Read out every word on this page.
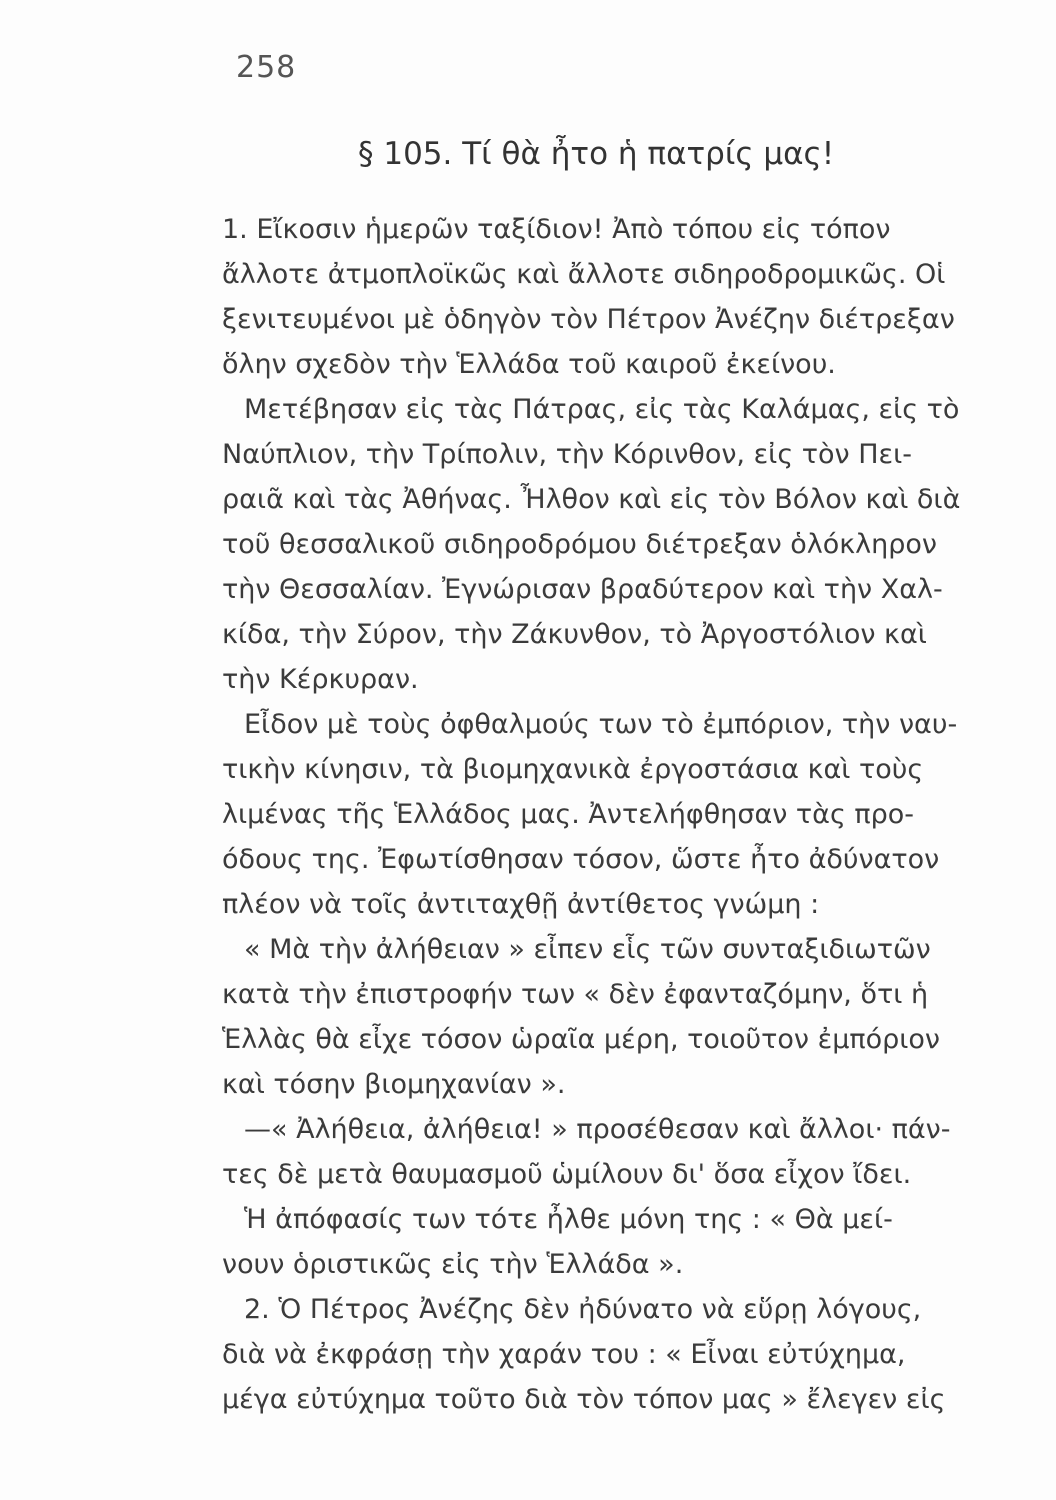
258
§ 105. Τί θὰ ἦτο ἡ πατρίς μας!
1. Εἴκοσιν ἡμερῶν ταξίδιον! Ἀπὸ τόπου εἰς τόπον
ἄλλοτε ἀτμοπλοϊκῶς καὶ ἄλλοτε σιδηροδρομικῶς. Οἱ
ξενιτευμένοι μὲ ὁδηγὸν τὸν Πέτρον Ἀνέζην διέτρεξαν
ὅλην σχεδὸν τὴν Ἑλλάδα τοῦ καιροῦ ἐκείνου.
Μετέβησαν εἰς τὰς Πάτρας, εἰς τὰς Καλάμας, εἰς τὸ
Ναύπλιον, τὴν Τρίπολιν, τὴν Κόρινθον, εἰς τὸν Πει-
ραιᾶ καὶ τὰς Ἀθήνας. Ἦλθον καὶ εἰς τὸν Βόλον καὶ διὰ
τοῦ θεσσαλικοῦ σιδηροδρόμου διέτρεξαν ὁλόκληρον
τὴν Θεσσαλίαν. Ἐγνώρισαν βραδύτερον καὶ τὴν Χαλ-
κίδα, τὴν Σύρον, τὴν Ζάκυνθον, τὸ Ἀργοστόλιον καὶ
τὴν Κέρκυραν.
Εἶδον μὲ τοὺς ὀφθαλμούς των τὸ ἐμπόριον, τὴν ναυ-
τικὴν κίνησιν, τὰ βιομηχανικὰ ἐργοστάσια καὶ τοὺς
λιμένας τῆς Ἑλλάδος μας. Ἀντελήφθησαν τὰς προ-
όδους της. Ἐφωτίσθησαν τόσον, ὥστε ἦτο ἀδύνατον
πλέον νὰ τοῖς ἀντιταχθῇ ἀντίθετος γνώμη :
« Μὰ τὴν ἀλήθειαν » εἶπεν εἷς τῶν συνταξιδιωτῶν
κατὰ τὴν ἐπιστροφήν των « δὲν ἐφανταζόμην, ὅτι ἡ
Ἑλλὰς θὰ εἶχε τόσον ὡραῖα μέρη, τοιοῦτον ἐμπόριον
καὶ τόσην βιομηχανίαν ».
—« Ἀλήθεια, ἀλήθεια! » προσέθεσαν καὶ ἄλλοι· πάν-
τες δὲ μετὰ θαυμασμοῦ ὡμίλουν δι' ὅσα εἶχον ἴδει.
Ἡ ἀπόφασίς των τότε ἦλθε μόνη της : « Θὰ μεί-
νουν ὁριστικῶς εἰς τὴν Ἑλλάδα ».
2. Ὁ Πέτρος Ἀνέζης δὲν ἠδύνατο νὰ εὕρῃ λόγους,
διὰ νὰ ἐκφράσῃ τὴν χαράν του : « Εἶναι εὐτύχημα,
μέγα εὐτύχημα τοῦτο διὰ τὸν τόπον μας » ἔλεγεν εἰς
